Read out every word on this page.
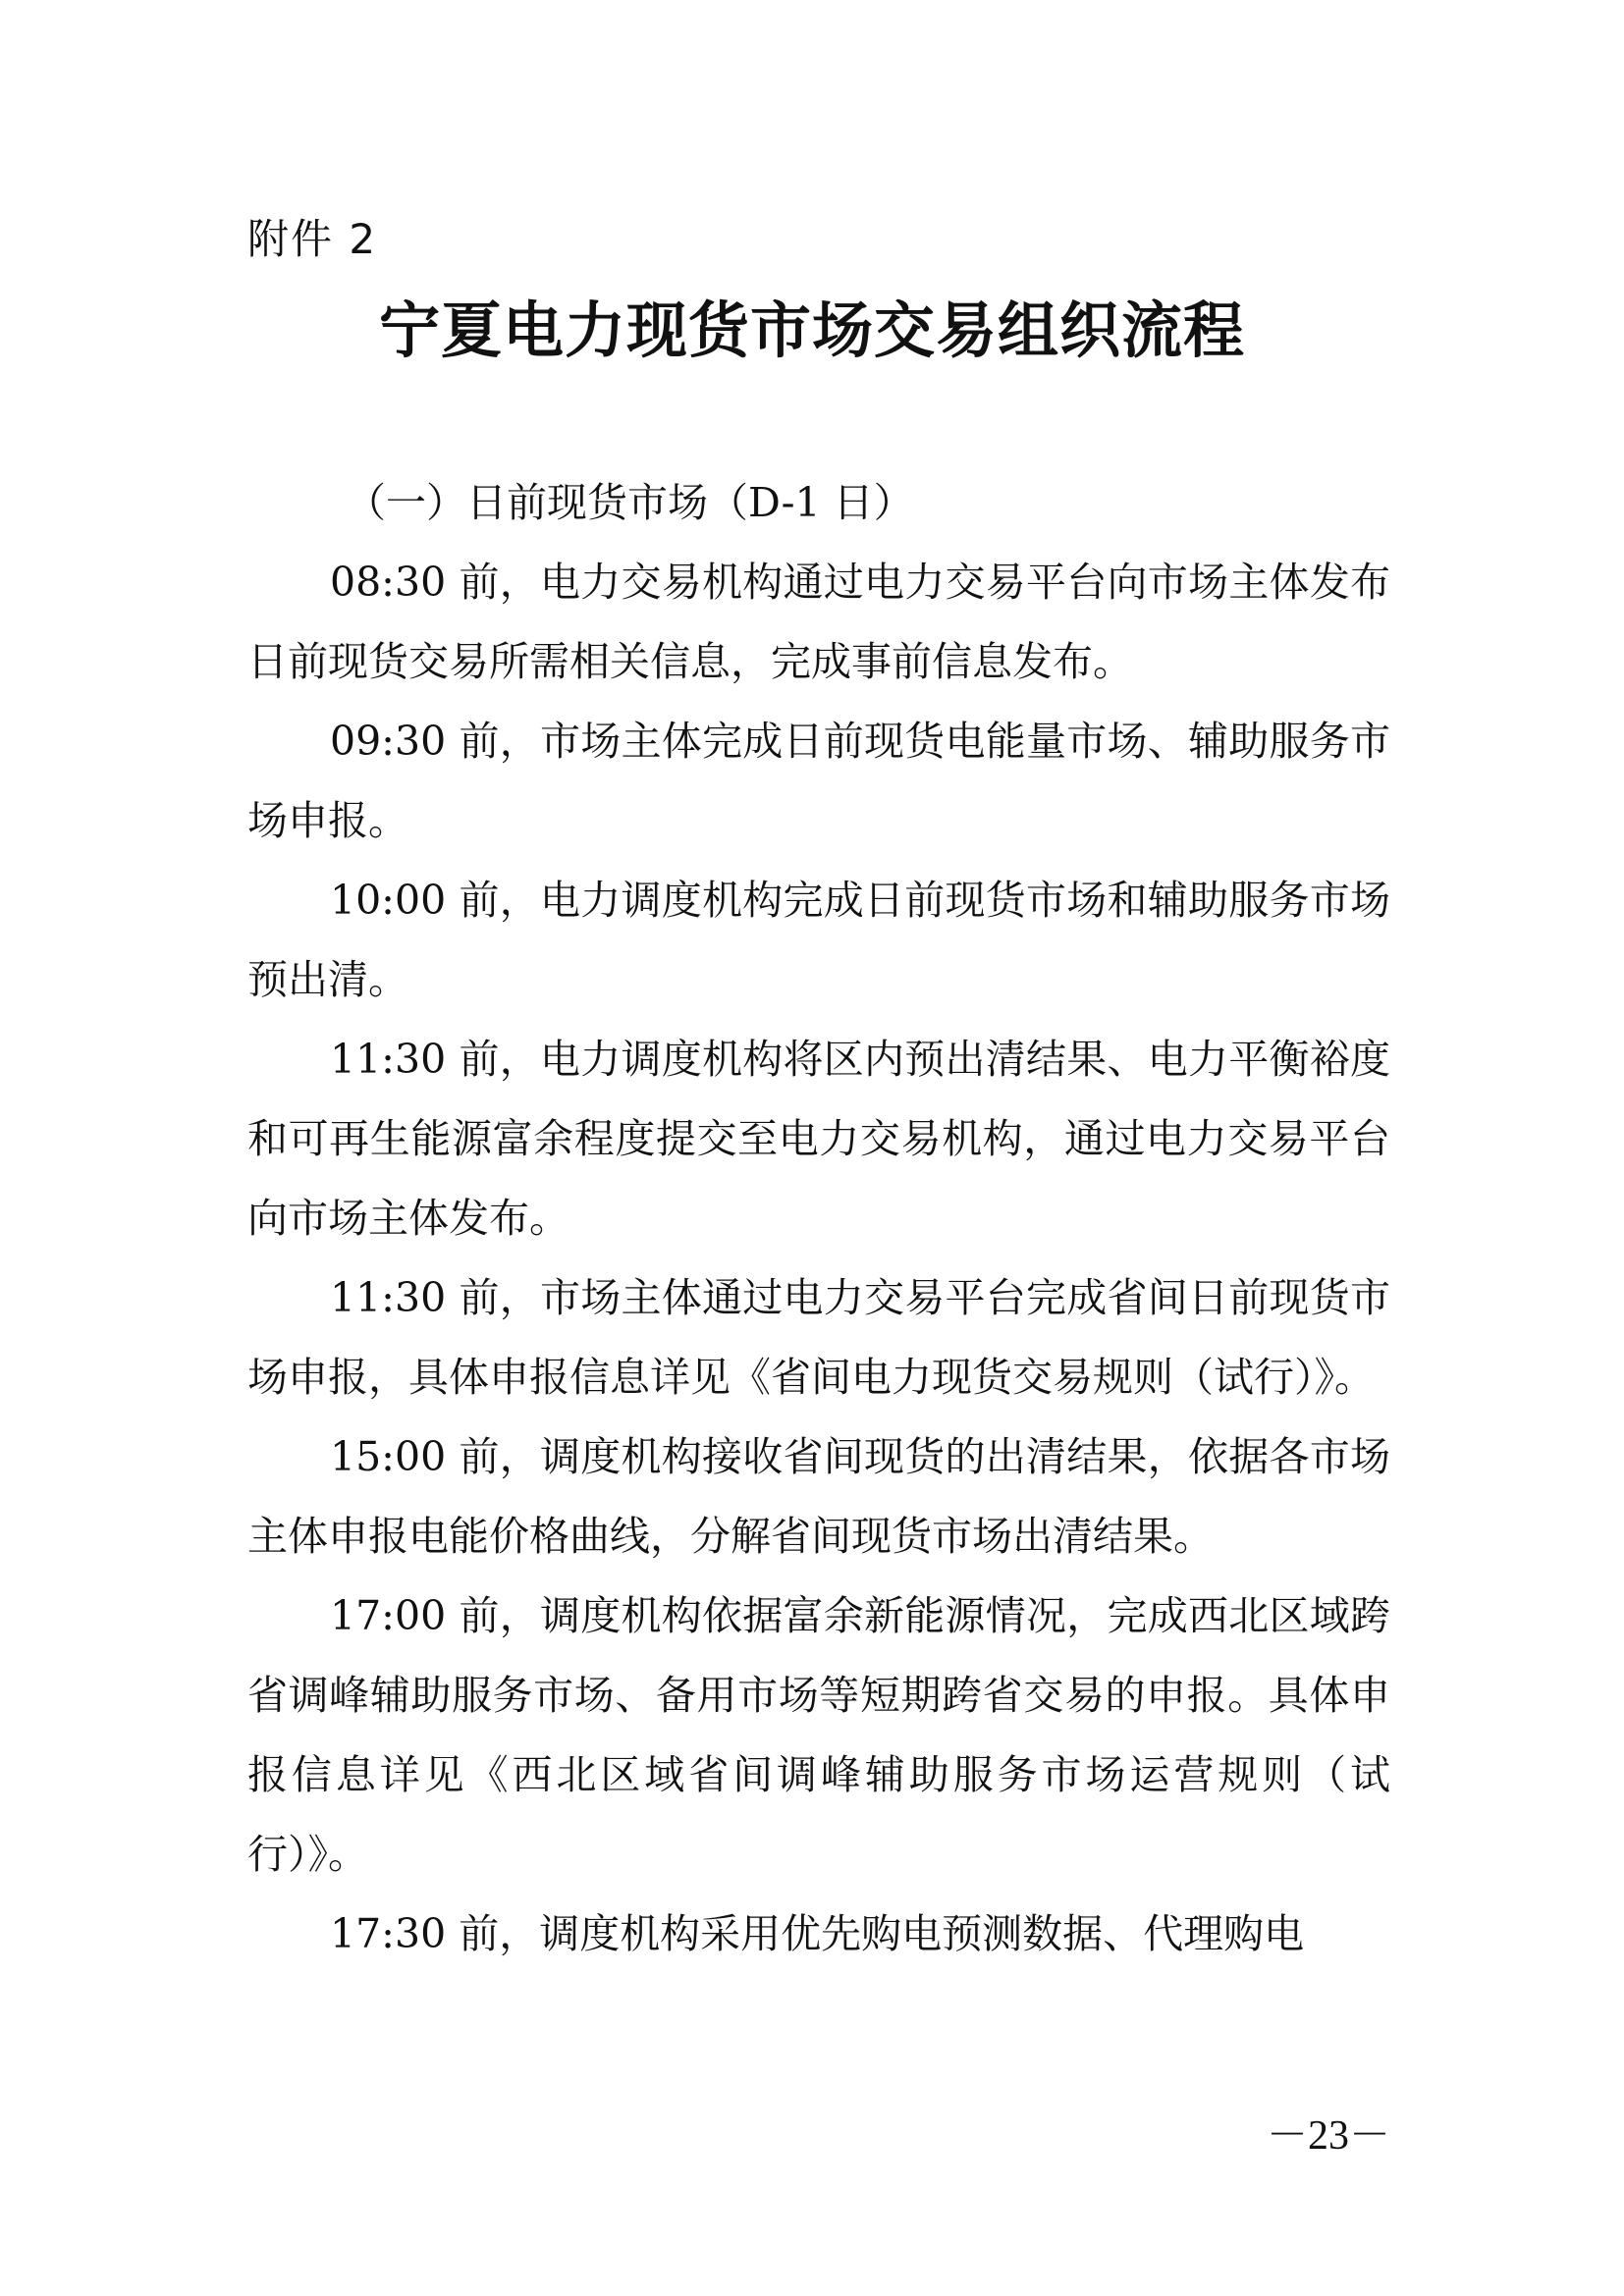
附件 2
宁夏电力现货市场交易组织流程

（一）日前现货市场（D-1 日）

08:30 前，电力交易机构通过电力交易平台向市场主体发布日前现货交易所需相关信息，完成事前信息发布。

09:30 前，市场主体完成日前现货电能量市场、辅助服务市场申报。

10:00 前，电力调度机构完成日前现货市场和辅助服务市场预出清。

11:30 前，电力调度机构将区内预出清结果、电力平衡裕度和可再生能源富余程度提交至电力交易机构，通过电力交易平台向市场主体发布。

11:30 前，市场主体通过电力交易平台完成省间日前现货市场申报，具体申报信息详见《省间电力现货交易规则（试行）》。

15:00 前，调度机构接收省间现货的出清结果，依据各市场主体申报电能价格曲线，分解省间现货市场出清结果。

17:00 前，调度机构依据富余新能源情况，完成西北区域跨省调峰辅助服务市场、备用市场等短期跨省交易的申报。具体申报信息详见《西北区域省间调峰辅助服务市场运营规则（试行）》。

17:30 前，调度机构采用优先购电预测数据、代理购电

－23－
